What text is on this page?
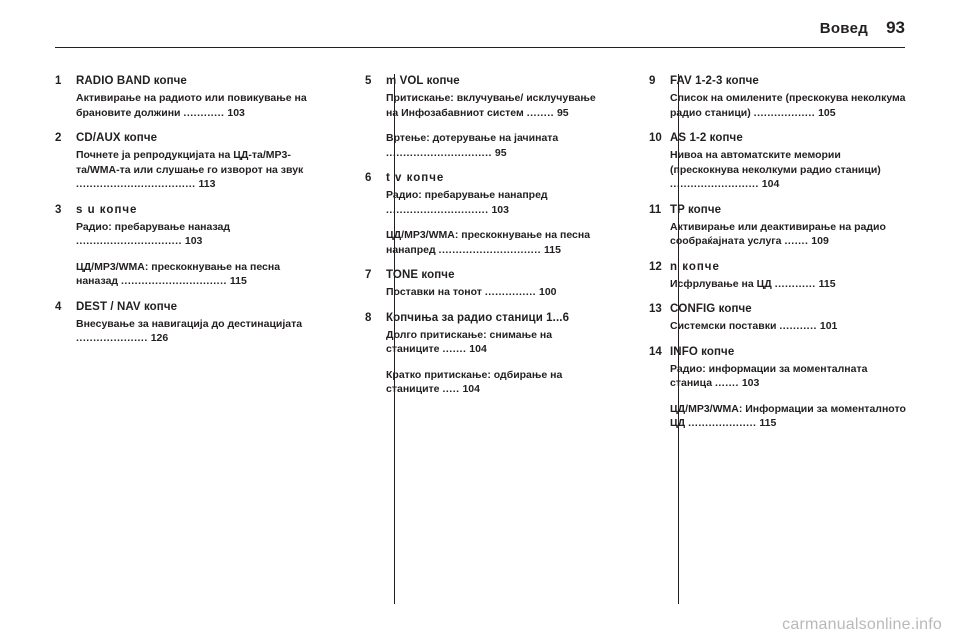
Вовед 93
1	RADIO BAND копче
Активирање на радиото или повикување на брановите должини ............ 103
2	CD/AUX копче
Почнете ја репродукцијата на ЦД-та/МР3-та/WMA-та или слушање го изворот на звук ................................... 113
3	s u копче
Радио: пребарување наназад ............................... 103
ЦД/МР3/WMA: прескокнување на песна наназад ............................... 115
4	DEST / NAV копче
Внесување за навигација до дестинацијата ..................... 126
5	m VOL копче
Притискање: вклучување/ исклучување на Инфозабавниот систем ........ 95
Вртење: дотерување на јачината ............................... 95
6	t v копче
Радио: пребарување нанапред .............................. 103
ЦД/МР3/WMA: прескокнување на песна нанапред .............................. 115
7	TONE копче
Поставки на тонот ............... 100
8	Копчиња за радио станици 1...6
Долго притискање: снимање на станиците ....... 104
Кратко притискање: одбирање на станиците ..... 104
9	FAV 1-2-3 копче
Список на омилените (прескокува неколкума радио станици) .................. 105
10 AS 1-2 копче
Нивоа на автоматските мемории (прескокнува неколкуми радио станици) .......................... 104
11 TP копче
Активирање или деактивирање на радио сообраќајната услуга ....... 109
12 n копче
Исфрлување на ЦД ............ 115
13 CONFIG копче
Системски поставки ........... 101
14 INFO копче
Радио: информации за моменталната станица ....... 103
ЦД/МР3/WMA: Информации за моменталното ЦД .................... 115
carmanualsonline.info
